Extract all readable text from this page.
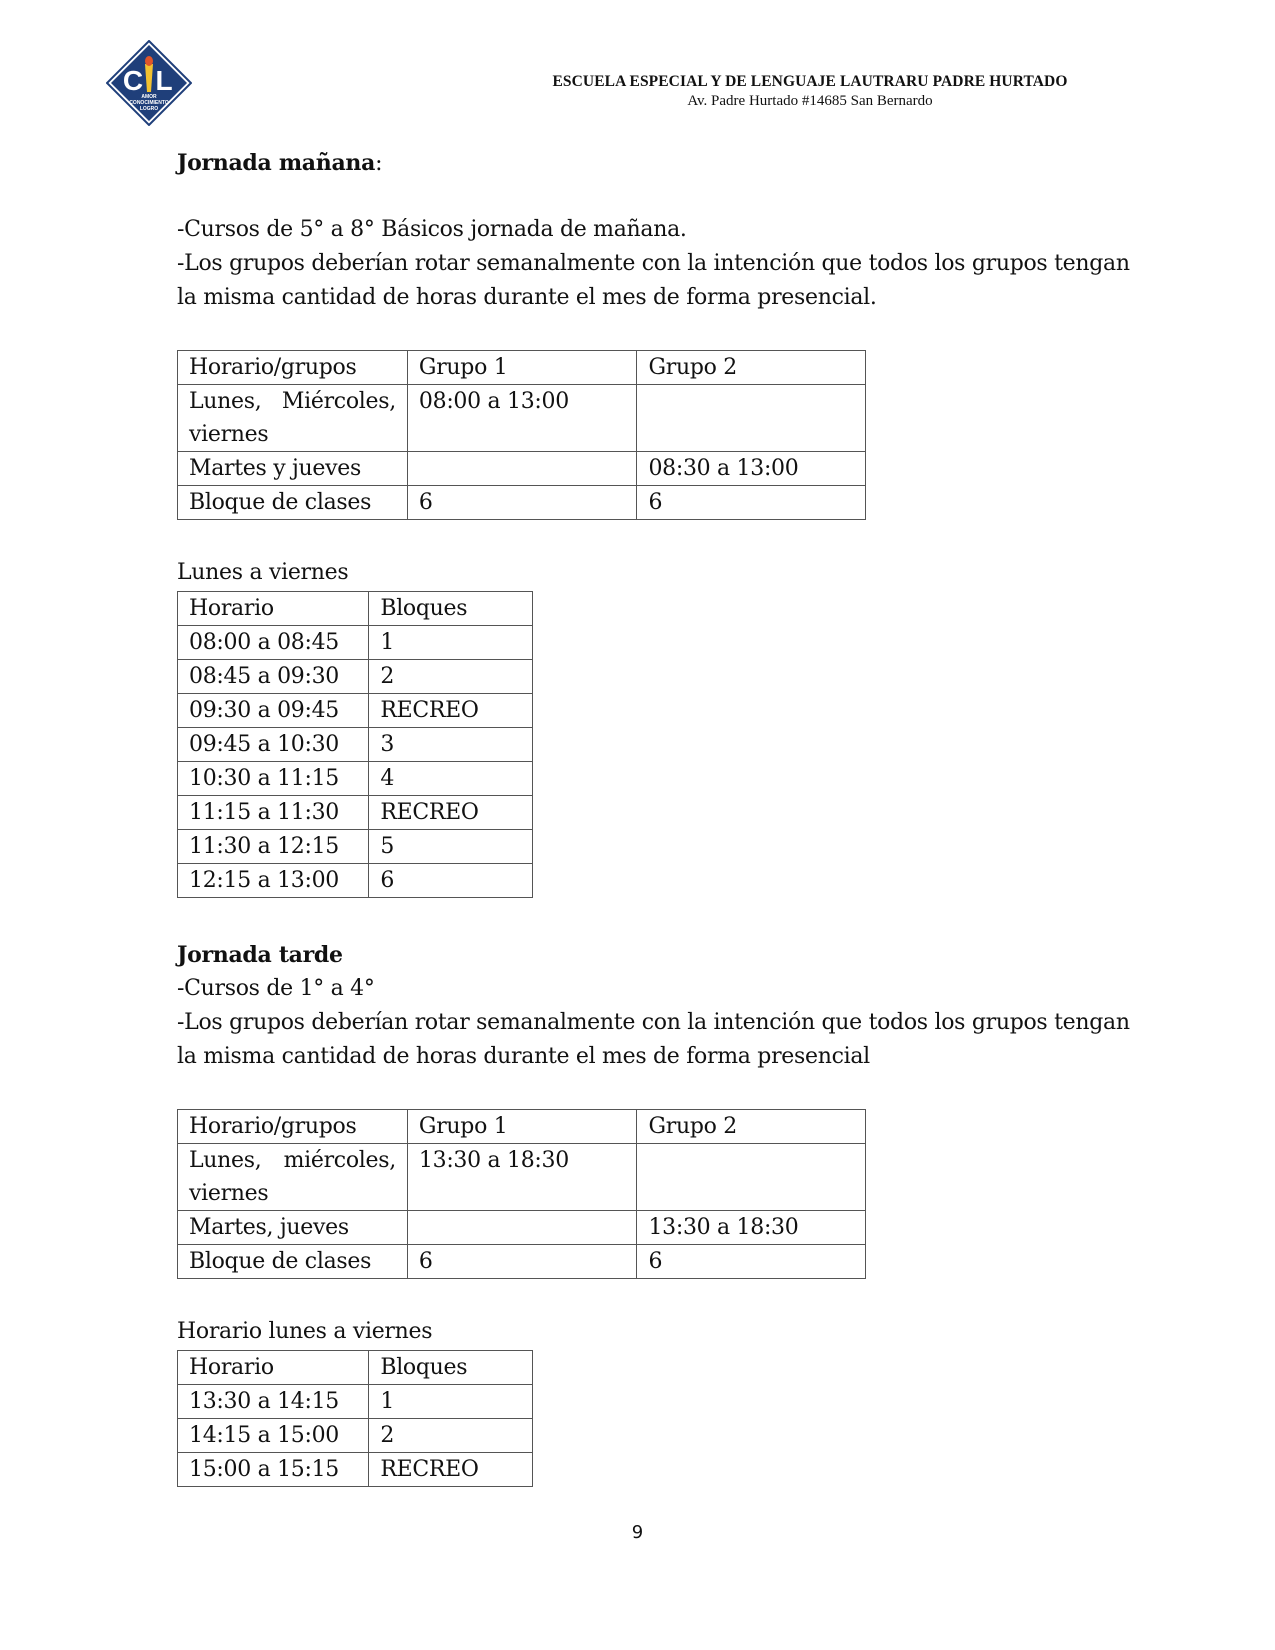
C L
AMOR
CONOCIMIENTO
LOGRO
ESCUELA ESPECIAL Y DE LENGUAJE LAUTRARU PADRE HURTADO
Av. Padre Hurtado #14685 San Bernardo
Jornada mañana:
-Cursos de 5° a 8° Básicos jornada de mañana.
-Los grupos deberían rotar semanalmente con la intención que todos los grupos tengan
la misma cantidad de horas durante el mes de forma presencial.
Horario/grupos	Grupo 1	Grupo 2

Lunes, Miércoles,
viernes	08:00 a 13:00	
Martes y jueves		08:30 a 13:00
Bloque de clases	6	6
Lunes a viernes
Horario	Bloques
08:00 a 08:45	1
08:45 a 09:30	2
09:30 a 09:45	RECREO
09:45 a 10:30	3
10:30 a 11:15	4
11:15 a 11:30	RECREO
11:30 a 12:15	5
12:15 a 13:00	6
Jornada tarde
-Cursos de 1° a 4°
-Los grupos deberían rotar semanalmente con la intención que todos los grupos tengan
la misma cantidad de horas durante el mes de forma presencial
Horario/grupos	Grupo 1	Grupo 2

Lunes, miércoles,
viernes	13:30 a 18:30	
Martes, jueves		13:30 a 18:30
Bloque de clases	6	6
Horario lunes a viernes
Horario	Bloques
13:30 a 14:15	1
14:15 a 15:00	2
15:00 a 15:15	RECREO
9
